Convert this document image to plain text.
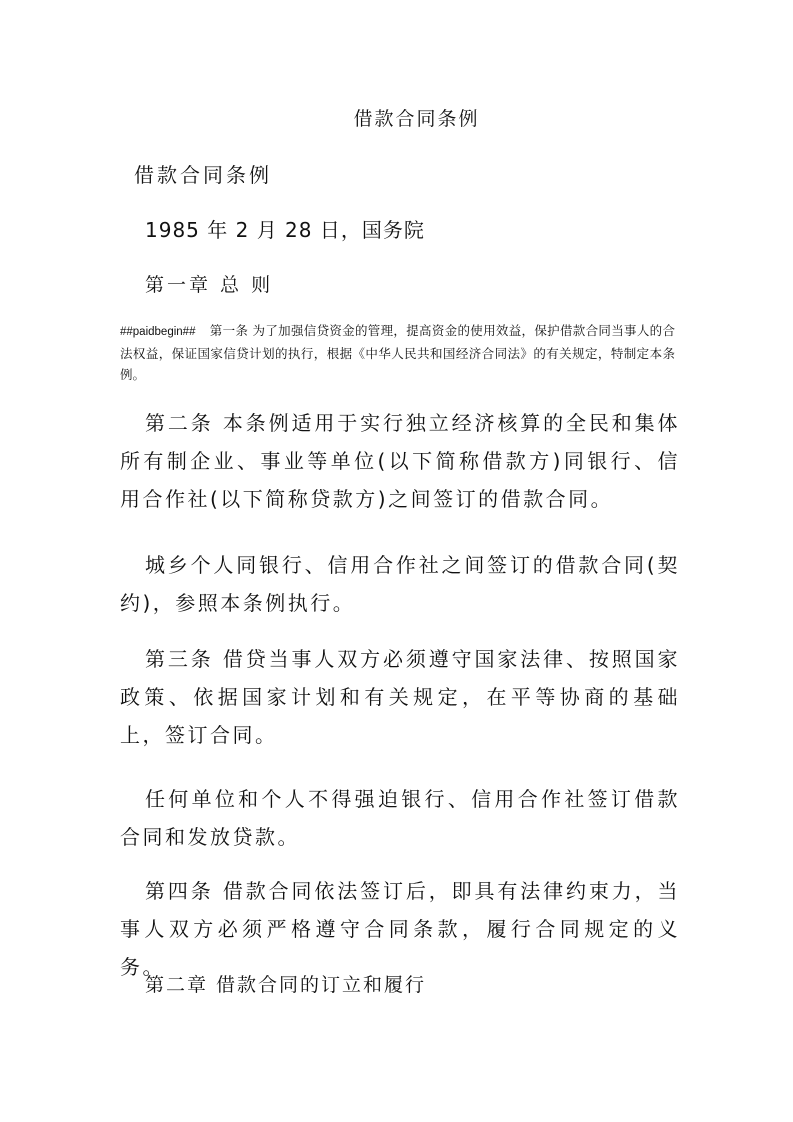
借款合同条例
借款合同条例
1985 年 2 月 28 日，国务院
第一章 总 则
##paidbegin## 第一条 为了加强信贷资金的管理，提高资金的使用效益，保护借款合同当事人的合法权益，保证国家信贷计划的执行，根据《中华人民共和国经济合同法》的有关规定，特制定本条例。
第二条 本条例适用于实行独立经济核算的全民和集体所有制企业、事业等单位(以下简称借款方)同银行、信用合作社(以下简称贷款方)之间签订的借款合同。
城乡个人同银行、信用合作社之间签订的借款合同(契约)，参照本条例执行。
第三条 借贷当事人双方必须遵守国家法律、按照国家政策、依据国家计划和有关规定，在平等协商的基础上，签订合同。
任何单位和个人不得强迫银行、信用合作社签订借款合同和发放贷款。
第四条 借款合同依法签订后，即具有法律约束力，当事人双方必须严格遵守合同条款，履行合同规定的义务。
第二章 借款合同的订立和履行
